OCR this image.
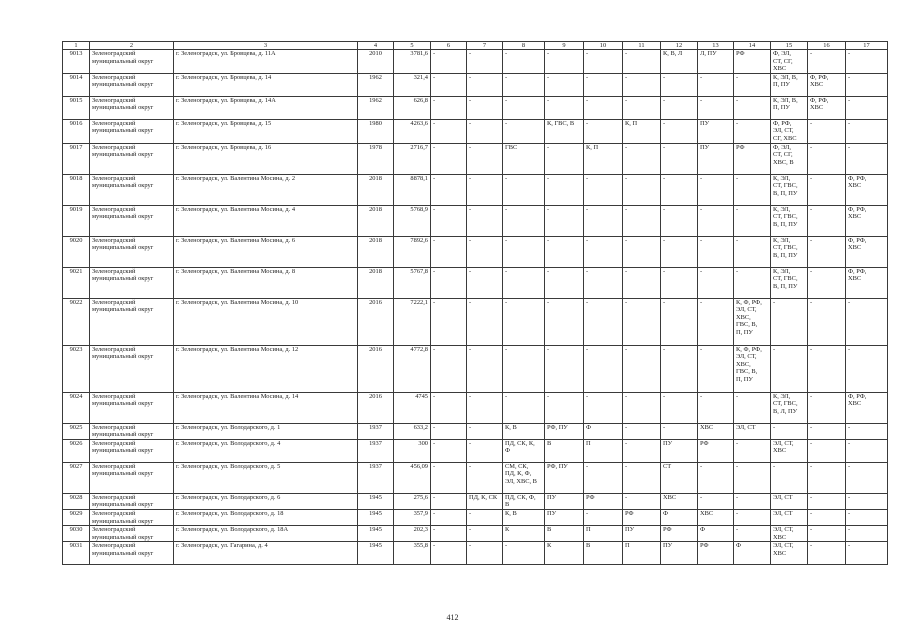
1	2	3	4	5	6	7	8	9	10	11	12	13	14	15	16	17
9013	Зеленоградский
муниципальный округ	г. Зеленоградск, ул. Бровцева, д. 11А	2010	3781,6	-	-	-	-	-	-	К, В, Л	Л, ПУ	РФ	Ф, ЭЛ,
СТ, СГ,
ХВС	-	-
9014	Зеленоградский
муниципальный округ	г. Зеленоградск, ул. Бровцева, д. 14	1962	321,4	-	-	-	-	-	-	-	-	-	К, ЭЛ, В,
П, ПУ	Ф, РФ,
ХВС	-
9015	Зеленоградский
муниципальный округ	г. Зеленоградск, ул. Бровцева, д. 14А	1962	626,8	-	-	-	-	-	-	-	-	-	К, ЭЛ, В,
П, ПУ	Ф, РФ,
ХВС	-
9016	Зеленоградский
муниципальный округ	г. Зеленоградск, ул. Бровцева, д. 15	1980	4263,6	-	-	-	К, ГВС, В	-	К, П	-	ПУ	-	Ф, РФ,
ЭЛ, СТ,
СГ, ХВС	-	-
9017	Зеленоградский
муниципальный округ	г. Зеленоградск, ул. Бровцева, д. 16	1978	2716,7	-	-	ГВС	-	К, П	-	-	ПУ	РФ	Ф, ЭЛ,
СТ, СГ,
ХВС, В	-	-
9018	Зеленоградский
муниципальный округ	г. Зеленоградск, ул. Валентина Мосина, д. 2	2018	8878,1	-	-	-	-	-	-	-	-	-	К, ЭЛ,
СТ, ГВС,
В, П, ПУ	-	Ф, РФ,
ХВС
9019	Зеленоградский
муниципальный округ	г. Зеленоградск, ул. Валентина Мосина, д. 4	2018	5768,9	-	-	-	-	-	-	-	-	-	К, ЭЛ,
СТ, ГВС,
В, П, ПУ	-	Ф, РФ,
ХВС
9020	Зеленоградский
муниципальный округ	г. Зеленоградск, ул. Валентина Мосина, д. 6	2018	7892,6	-	-	-	-	-	-	-	-	-	К, ЭЛ,
СТ, ГВС,
В, П, ПУ	-	Ф, РФ,
ХВС
9021	Зеленоградский
муниципальный округ	г. Зеленоградск, ул. Валентина Мосина, д. 8	2018	5767,8	-	-	-	-	-	-	-	-	-	К, ЭЛ,
СТ, ГВС,
В, П, ПУ	-	Ф, РФ,
ХВС
9022	Зеленоградский
муниципальный округ	г. Зеленоградск, ул. Валентина Мосина, д. 10	2016	7222,1	-	-	-	-	-	-	-	-	К, Ф, РФ,
ЭЛ, СТ,
ХВС,
ГВС, В,
П, ПУ	-	-	-
9023	Зеленоградский
муниципальный округ	г. Зеленоградск, ул. Валентина Мосина, д. 12	2016	4772,8	-	-	-	-	-	-	-	-	К, Ф, РФ,
ЭЛ, СТ,
ХВС,
ГВС, В,
П, ПУ	-	-	-
9024	Зеленоградский
муниципальный округ	г. Зеленоградск, ул. Валентина Мосина, д. 14	2016	4745	-	-	-	-	-	-	-	-	-	К, ЭЛ,
СТ, ГВС,
В, Л, ПУ	-	Ф, РФ,
ХВС
9025	Зеленоградский
муниципальный округ	г. Зеленоградск, ул. Володарского, д. 1	1937	633,2	-	-	К, В	РФ, ПУ	Ф	-	-	ХВС	ЭЛ, СТ	-	-	-
9026	Зеленоградский
муниципальный округ	г. Зеленоградск, ул. Володарского, д. 4	1937	300	-	-	ПД, СК, К,
Ф	В	П	-	ПУ	РФ	-	ЭЛ, СТ,
ХВС	-	-
9027	Зеленоградский
муниципальный округ	г. Зеленоградск, ул. Володарского, д. 5	1937	456,09	-	-	СМ, СК,
ПД, К, Ф,
ЭЛ, ХВС, В	РФ, ПУ	-	-	СТ	-	-	-	-	-
9028	Зеленоградский
муниципальный округ	г. Зеленоградск, ул. Володарского, д. 6	1945	275,6	-	ПД, К, СК	ПД, СК, Ф,
В	ПУ	РФ	-	ХВС	-	-	ЭЛ, СТ	-	-
9029	Зеленоградский
муниципальный округ	г. Зеленоградск, ул. Володарского, д. 18	1945	357,9	-	-	К, В	ПУ	-	РФ	Ф	ХВС	-	ЭЛ, СТ	-	-
9030	Зеленоградский
муниципальный округ	г. Зеленоградск, ул. Володарского, д. 18А	1945	202,3	-	-	К	В	П	ПУ	РФ	Ф	-	ЭЛ, СТ,
ХВС	-	-
9031	Зеленоградский
муниципальный округ	г. Зеленоградск, ул. Гагарина, д. 4	1945	355,8	-	-	-	К	В	П	ПУ	РФ	Ф	ЭЛ, СТ,
ХВС	-	-
412
